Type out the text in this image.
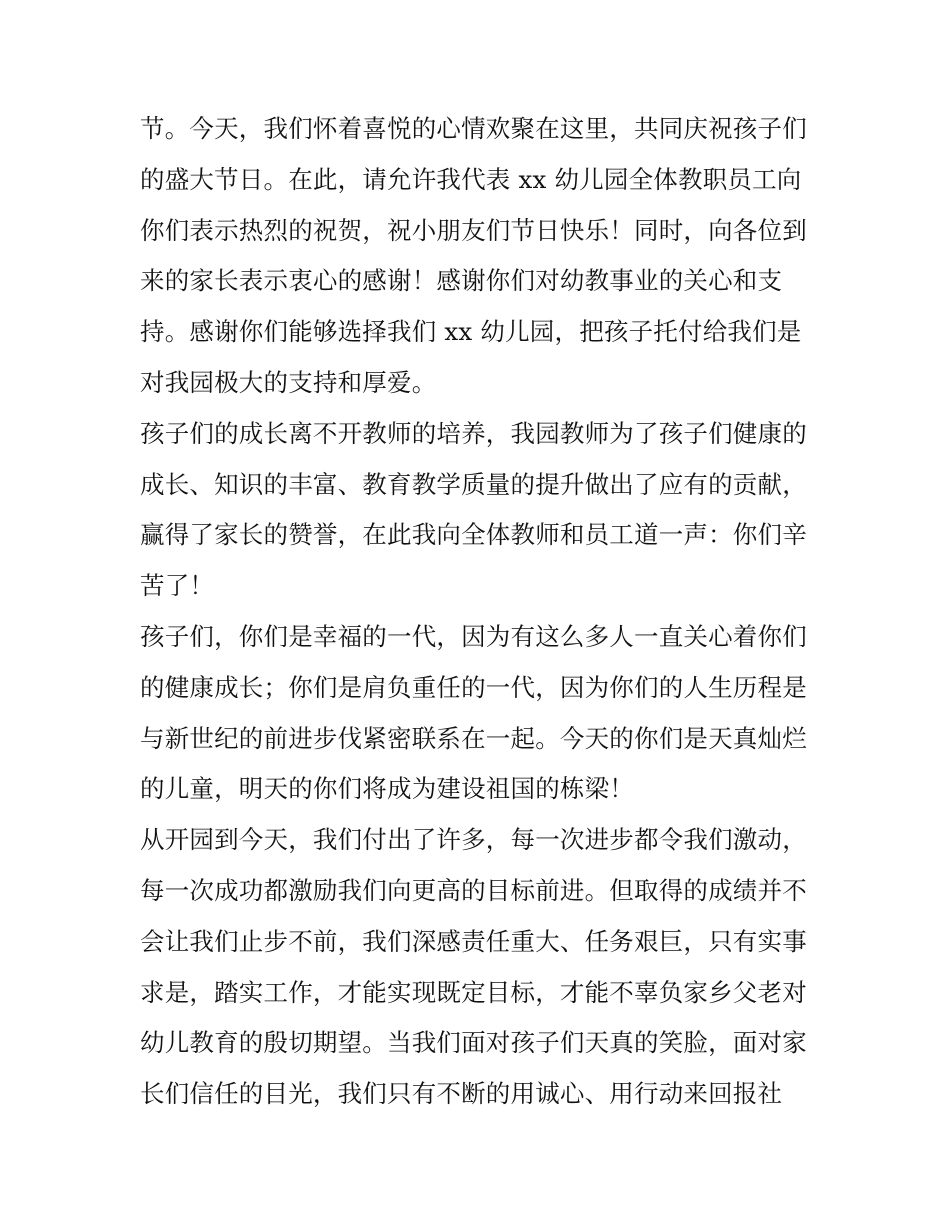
节。今天，我们怀着喜悦的心情欢聚在这里，共同庆祝孩子们
的盛大节日。在此，请允许我代表 xx 幼儿园全体教职员工向
你们表示热烈的祝贺，祝小朋友们节日快乐！同时，向各位到
来的家长表示衷心的感谢！感谢你们对幼教事业的关心和支
持。感谢你们能够选择我们 xx 幼儿园，把孩子托付给我们是
对我园极大的支持和厚爱。
孩子们的成长离不开教师的培养，我园教师为了孩子们健康的
成长、知识的丰富、教育教学质量的提升做出了应有的贡献，
赢得了家长的赞誉，在此我向全体教师和员工道一声：你们辛
苦了！
孩子们，你们是幸福的一代，因为有这么多人一直关心着你们
的健康成长；你们是肩负重任的一代，因为你们的人生历程是
与新世纪的前进步伐紧密联系在一起。今天的你们是天真灿烂
的儿童，明天的你们将成为建设祖国的栋梁！
从开园到今天，我们付出了许多，每一次进步都令我们激动，
每一次成功都激励我们向更高的目标前进。但取得的成绩并不
会让我们止步不前，我们深感责任重大、任务艰巨，只有实事
求是，踏实工作，才能实现既定目标，才能不辜负家乡父老对
幼儿教育的殷切期望。当我们面对孩子们天真的笑脸，面对家
长们信任的目光，我们只有不断的用诚心、用行动来回报社
